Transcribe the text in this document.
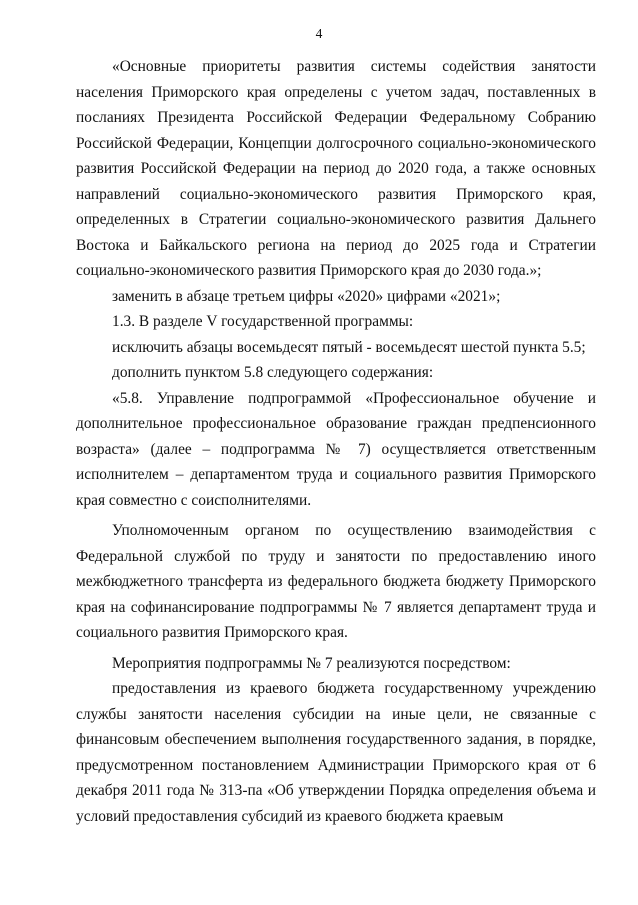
4

«Основные приоритеты развития системы содействия занятости населения Приморского края определены с учетом задач, поставленных в посланиях Президента Российской Федерации Федеральному Собранию Российской Федерации, Концепции долгосрочного социально-экономического развития Российской Федерации на период до 2020 года, а также основных направлений социально-экономического развития Приморского края, определенных в Стратегии социально-экономического развития Дальнего Востока и Байкальского региона на период до 2025 года и Стратегии социально-экономического развития Приморского края до 2030 года.»;

заменить в абзаце третьем цифры «2020» цифрами «2021»;

1.3. В разделе V государственной программы:

исключить абзацы восемьдесят пятый - восемьдесят шестой пункта 5.5;

дополнить пунктом 5.8 следующего содержания:

«5.8. Управление подпрограммой «Профессиональное обучение и дополнительное профессиональное образование граждан предпенсионного возраста» (далее – подпрограмма № 7) осуществляется ответственным исполнителем – департаментом труда и социального развития Приморского края совместно с соисполнителями.

Уполномоченным органом по осуществлению взаимодействия с Федеральной службой по труду и занятости по предоставлению иного межбюджетного трансферта из федерального бюджета бюджету Приморского края на софинансирование подпрограммы № 7 является департамент труда и социального развития Приморского края.

Мероприятия подпрограммы № 7 реализуются посредством:

предоставления из краевого бюджета государственному учреждению службы занятости населения субсидии на иные цели, не связанные с финансовым обеспечением выполнения государственного задания, в порядке, предусмотренном постановлением Администрации Приморского края от 6 декабря 2011 года № 313-па «Об утверждении Порядка определения объема и условий предоставления субсидий из краевого бюджета краевым
